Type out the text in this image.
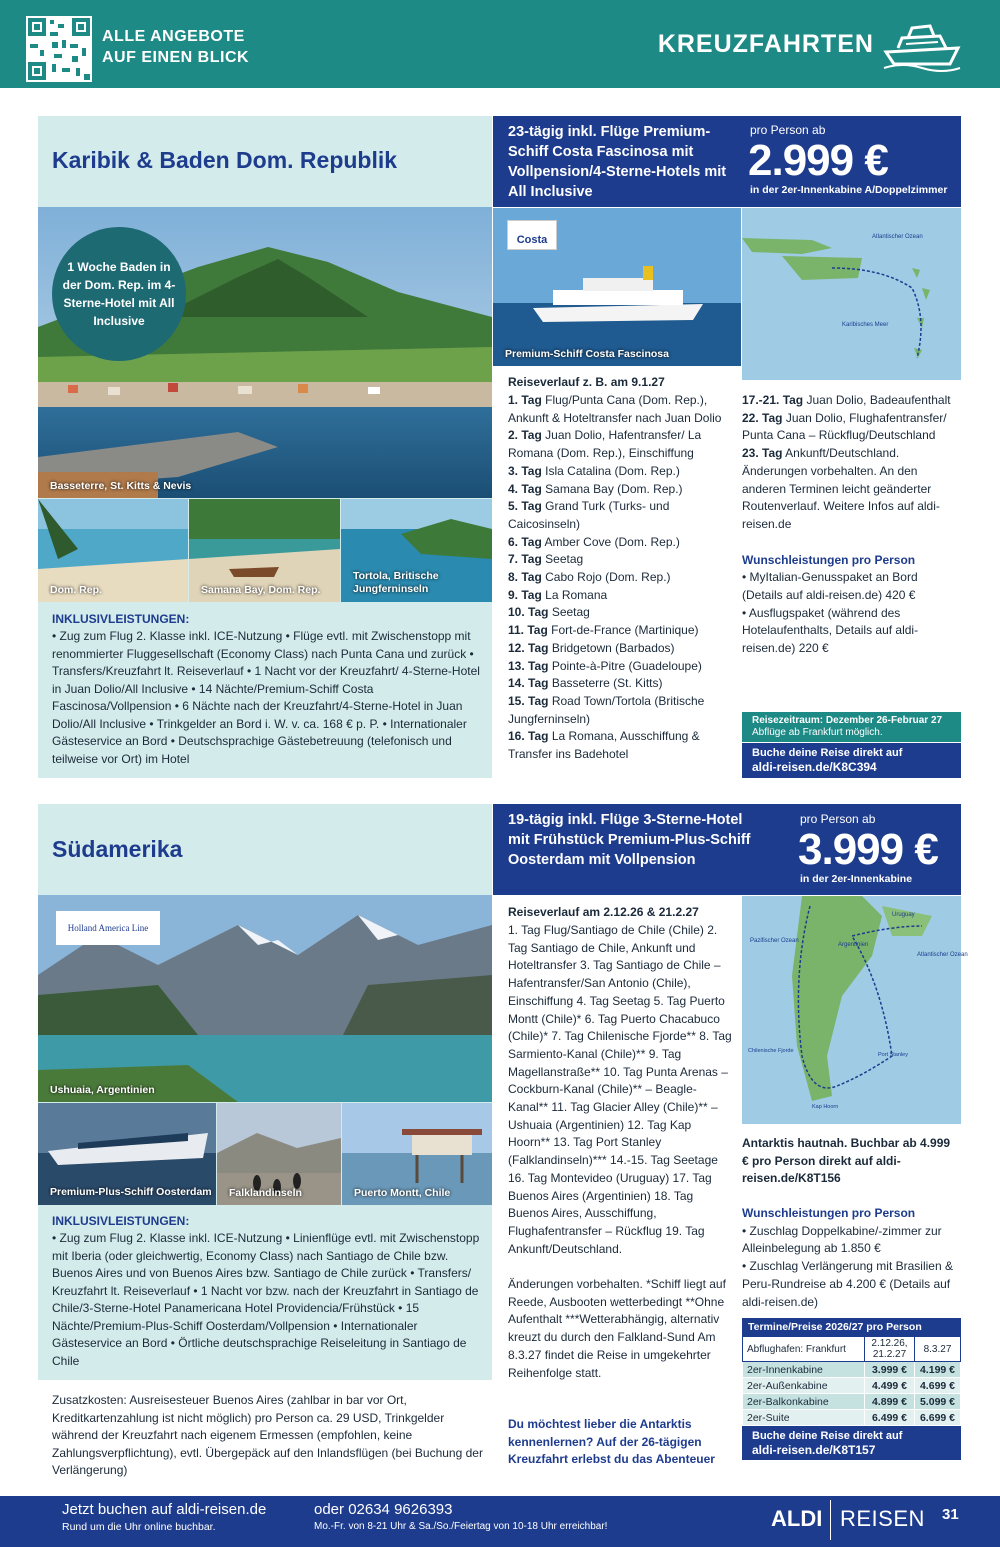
ALLE ANGEBOTE
AUF EINEN BLICK	KREUZFAHRTEN
Karibik & Baden Dom. Republik
Basseterre, St. Kitts & Nevis
1 Woche Baden in der Dom. Rep. im 4-Sterne-Hotel mit All Inclusive
Dom. Rep.	Samana Bay, Dom. Rep.
Tortola, Britische Jungferninseln
INKLUSIVLEISTUNGEN:
• Zug zum Flug 2. Klasse inkl. ICE-Nutzung • Flüge evtl. mit Zwischenstopp mit renommierter Fluggesellschaft (Economy Class) nach Punta Cana und zurück • Transfers/Kreuzfahrt lt. Reiseverlauf • 1 Nacht vor der Kreuzfahrt/ 4-Sterne-Hotel in Juan Dolio/All Inclusive • 14 Nächte/Premium-Schiff Costa Fascinosa/Vollpension • 6 Nächte nach der Kreuzfahrt/4-Sterne-Hotel in Juan Dolio/All Inclusive • Trinkgelder an Bord i. W. v. ca. 168 € p. P. • Internationaler Gästeservice an Bord • Deutschsprachige Gästebetreuung (telefonisch und teilweise vor Ort) im Hotel
23-tägig inkl. Flüge Premium-Schiff Costa Fascinosa mit Vollpension/4-Sterne-Hotels mit All Inclusive
pro Person ab
2.999 €
in der 2er-Innenkabine A/Doppelzimmer
Costa
Premium-Schiff Costa Fascinosa
Atlantischer Ozean
Karibisches Meer
Reiseverlauf z. B. am 9.1.27
1. Tag Flug/Punta Cana (Dom. Rep.), Ankunft & Hoteltransfer nach Juan Dolio
2. Tag Juan Dolio, Hafentransfer/ La Romana (Dom. Rep.), Einschiffung
3. Tag Isla Catalina (Dom. Rep.)
4. Tag Samana Bay (Dom. Rep.)
5. Tag Grand Turk (Turks- und Caicosinseln)
6. Tag Amber Cove (Dom. Rep.)
7. Tag Seetag
8. Tag Cabo Rojo (Dom. Rep.)
9. Tag La Romana
10. Tag Seetag
11. Tag Fort-de-France (Martinique)
12. Tag Bridgetown (Barbados)
13. Tag Pointe-à-Pitre (Guadeloupe)
14. Tag Basseterre (St. Kitts)
15. Tag Road Town/Tortola (Britische Jungferninseln)
16. Tag La Romana, Ausschiffung & Transfer ins Badehotel
17.-21. Tag Juan Dolio, Badeaufenthalt
22. Tag Juan Dolio, Flughafentransfer/ Punta Cana – Rückflug/Deutschland
23. Tag Ankunft/Deutschland.
Änderungen vorbehalten. An den anderen Terminen leicht geänderter Routenverlauf. Weitere Infos auf aldi-reisen.de
Wunschleistungen pro Person
• MyItalian-Genusspaket an Bord (Details auf aldi-reisen.de) 420 €
• Ausflugspaket (während des Hotelaufenthalts, Details auf aldi-reisen.de) 220 €
Reisezeitraum: Dezember 26-Februar 27
Abflüge ab Frankfurt möglich.
Buche deine Reise direkt auf
aldi-reisen.de/K8C394
Südamerika
Holland America Line
Ushuaia, Argentinien
Premium-Plus-Schiff Oosterdam Falklandinseln	Puerto Montt, Chile
INKLUSIVLEISTUNGEN:
• Zug zum Flug 2. Klasse inkl. ICE-Nutzung • Linienflüge evtl. mit Zwischenstopp mit Iberia (oder gleichwertig, Economy Class) nach Santiago de Chile bzw. Buenos Aires und von Buenos Aires bzw. Santiago de Chile zurück • Transfers/ Kreuzfahrt lt. Reiseverlauf • 1 Nacht vor bzw. nach der Kreuzfahrt in Santiago de Chile/3-Sterne-Hotel Panamericana Hotel Providencia/Frühstück • 15 Nächte/Premium-Plus-Schiff Oosterdam/Vollpension • Internationaler Gästeservice an Bord • Örtliche deutschsprachige Reiseleitung in Santiago de Chile
Zusatzkosten: Ausreisesteuer Buenos Aires (zahlbar in bar vor Ort, Kreditkartenzahlung ist nicht möglich) pro Person ca. 29 USD, Trinkgelder während der Kreuzfahrt nach eigenem Ermessen (empfohlen, keine Zahlungsverpflichtung), evtl. Übergepäck auf den Inlandsflügen (bei Buchung der Verlängerung)
19-tägig inkl. Flüge 3-Sterne-Hotel mit Frühstück Premium-Plus-Schiff Oosterdam mit Vollpension
pro Person ab
3.999 €
in der 2er-Innenkabine
Reiseverlauf am 2.12.26 & 21.2.27
1. Tag Flug/Santiago de Chile (Chile) 2. Tag Santiago de Chile, Ankunft und Hoteltransfer 3. Tag Santiago de Chile – Hafentransfer/San Antonio (Chile), Einschiffung 4. Tag Seetag 5. Tag Puerto Montt (Chile)* 6. Tag Puerto Chacabuco (Chile)* 7. Tag Chilenische Fjorde** 8. Tag Sarmiento-Kanal (Chile)** 9. Tag Magellanstraße** 10. Tag Punta Arenas – Cockburn-Kanal (Chile)** – Beagle-Kanal** 11. Tag Glacier Alley (Chile)** – Ushuaia (Argentinien) 12. Tag Kap Hoorn** 13. Tag Port Stanley (Falklandinseln)*** 14.-15. Tag Seetage 16. Tag Montevideo (Uruguay) 17. Tag Buenos Aires (Argentinien) 18. Tag Buenos Aires, Ausschiffung, Flughafentransfer – Rückflug 19. Tag Ankunft/Deutschland.
Änderungen vorbehalten. *Schiff liegt auf Reede, Ausbooten wetterbedingt **Ohne Aufenthalt ***Wetterabhängig, alternativ kreuzt du durch den Falkland-Sund Am 8.3.27 findet die Reise in umgekehrter Reihenfolge statt.
Du möchtest lieber die Antarktis kennenlernen? Auf der 26-tägigen Kreuzfahrt erlebst du das Abenteuer
Pazifischer Ozean
Atlantischer Ozean
Argentinien
Uruguay
Chilenische Fjorde
Port Stanley
Kap Hoorn
Antarktis hautnah. Buchbar ab 4.999 € pro Person direkt auf aldi-reisen.de/K8T156
Wunschleistungen pro Person
• Zuschlag Doppelkabine/-zimmer zur Alleinbelegung ab 1.850 €
• Zuschlag Verlängerung mit Brasilien & Peru-Rundreise ab 4.200 € (Details auf aldi-reisen.de)
Termine/Preise 2026/27 pro Person
Abflughafen: Frankfurt	2.12.26, 21.2.27	8.3.27
2er-Innenkabine	3.999 €	4.199 €
2er-Außenkabine	4.499 €	4.699 €
2er-Balkonkabine	4.899 €	5.099 €
2er-Suite	6.499 €	6.699 €
Buche deine Reise direkt auf
aldi-reisen.de/K8T157
Jetzt buchen auf aldi-reisen.de
Rund um die Uhr online buchbar.
oder 02634 9626393
Mo.-Fr. von 8-21 Uhr & Sa./So./Feiertag von 10-18 Uhr erreichbar!	ALDI REISEN 31
